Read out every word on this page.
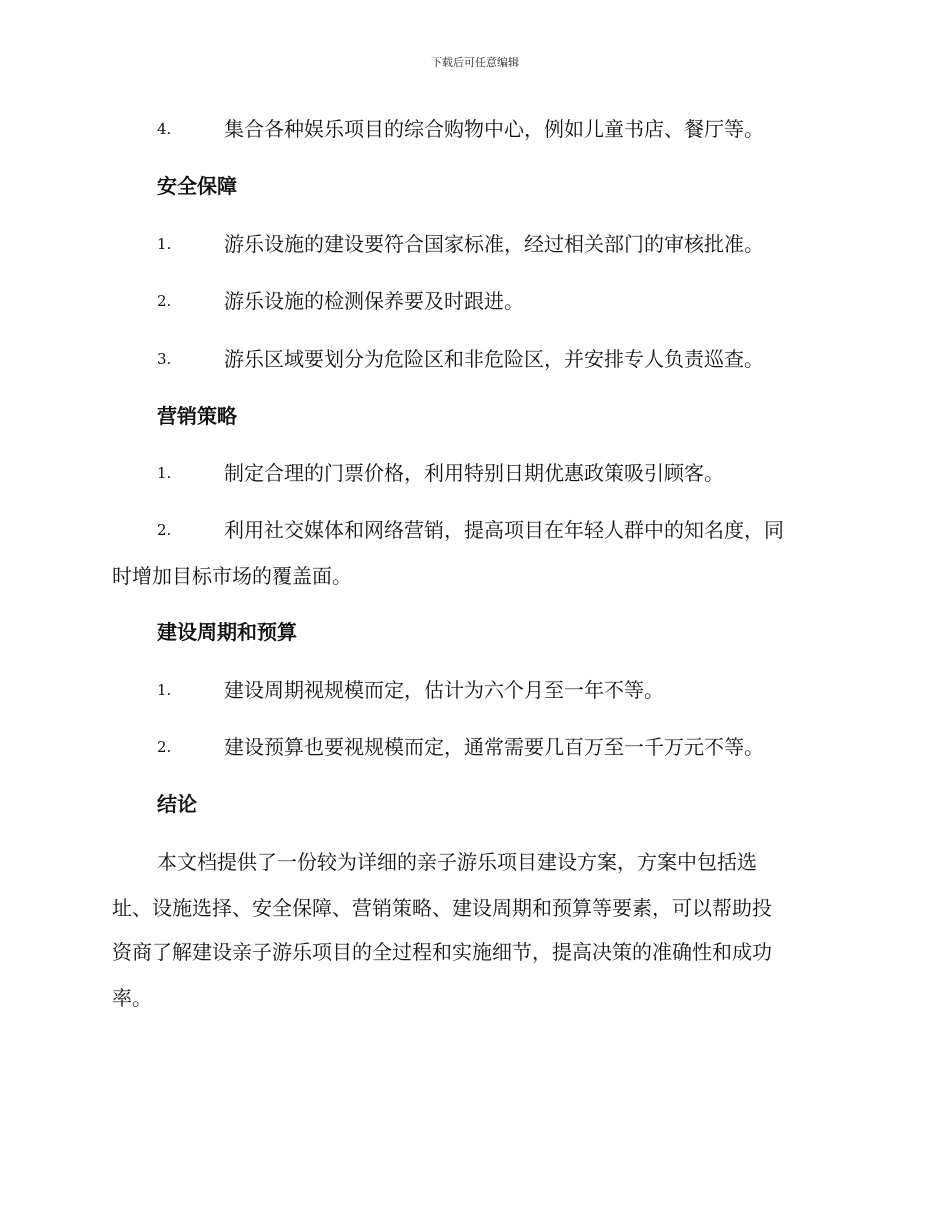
下载后可任意编辑
4.	集合各种娱乐项目的综合购物中心，例如儿童书店、餐厅等。
安全保障
1.	游乐设施的建设要符合国家标准，经过相关部门的审核批准。
2.	游乐设施的检测保养要及时跟进。
3.	游乐区域要划分为危险区和非危险区，并安排专人负责巡查。
营销策略
1.	制定合理的门票价格，利用特别日期优惠政策吸引顾客。
2.	利用社交媒体和网络营销，提高项目在年轻人群中的知名度，同
时增加目标市场的覆盖面。
建设周期和预算
1.	建设周期视规模而定，估计为六个月至一年不等。
2.	建设预算也要视规模而定，通常需要几百万至一千万元不等。
结论
本文档提供了一份较为详细的亲子游乐项目建设方案，方案中包括选
址、设施选择、安全保障、营销策略、建设周期和预算等要素，可以帮助投
资商了解建设亲子游乐项目的全过程和实施细节，提高决策的准确性和成功
率。
